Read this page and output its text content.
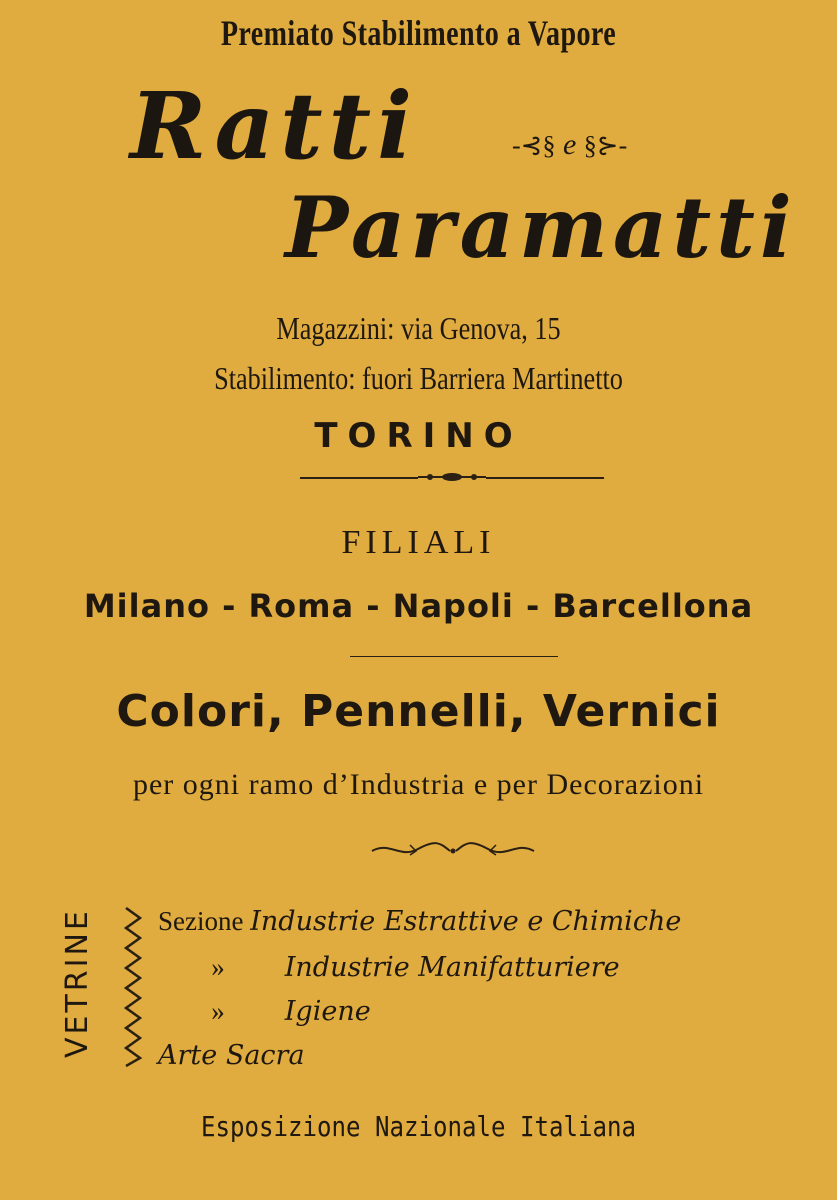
Premiato Stabilimento a Vapore
Ratti	-⊰§ e §⊱-
Paramatti
Magazzini: via Genova, 15
Stabilimento: fuori Barriera Martinetto
TORINO
FILIALI
Milano - Roma - Napoli - Barcellona
Colori, Pennelli, Vernici
per ogni ramo d’Industria e per Decorazioni
VETRINE Sezione Industrie Estrattive e Chimiche
» Industrie Manifatturiere
» Igiene
Arte Sacra
Esposizione Nazionale Italiana
